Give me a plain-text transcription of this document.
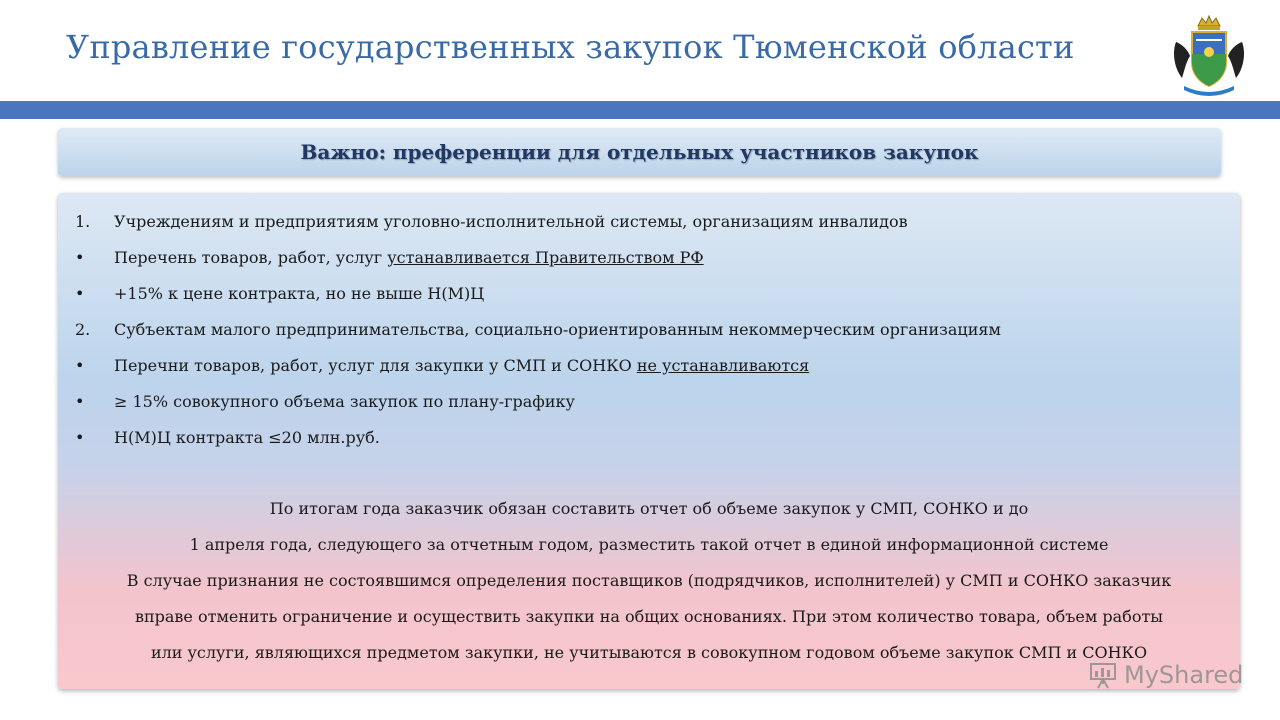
Управление государственных закупок Тюменской области
Важно: преференции для отдельных участников закупок
1. Учреждениям и предприятиям уголовно-исполнительной системы, организациям инвалидов
• Перечень товаров, работ, услуг устанавливается Правительством РФ
• +15% к цене контракта, но не выше Н(М)Ц
2. Субъектам малого предпринимательства, социально-ориентированным некоммерческим организациям
• Перечни товаров, работ, услуг для закупки у СМП и СОНКО не устанавливаются
• ≥ 15% совокупного объема закупок по плану-графику
• Н(М)Ц контракта ≤20 млн.руб.
По итогам года заказчик обязан составить отчет об объеме закупок у СМП, СОНКО и до
1 апреля года, следующего за отчетным годом, разместить такой отчет в единой информационной системе
В случае признания не состоявшимся определения поставщиков (подрядчиков, исполнителей) у СМП и СОНКО заказчик
вправе отменить ограничение и осуществить закупки на общих основаниях. При этом количество товара, объем работы
или услуги, являющихся предметом закупки, не учитываются в совокупном годовом объеме закупок СМП и СОНКО
MyShared
